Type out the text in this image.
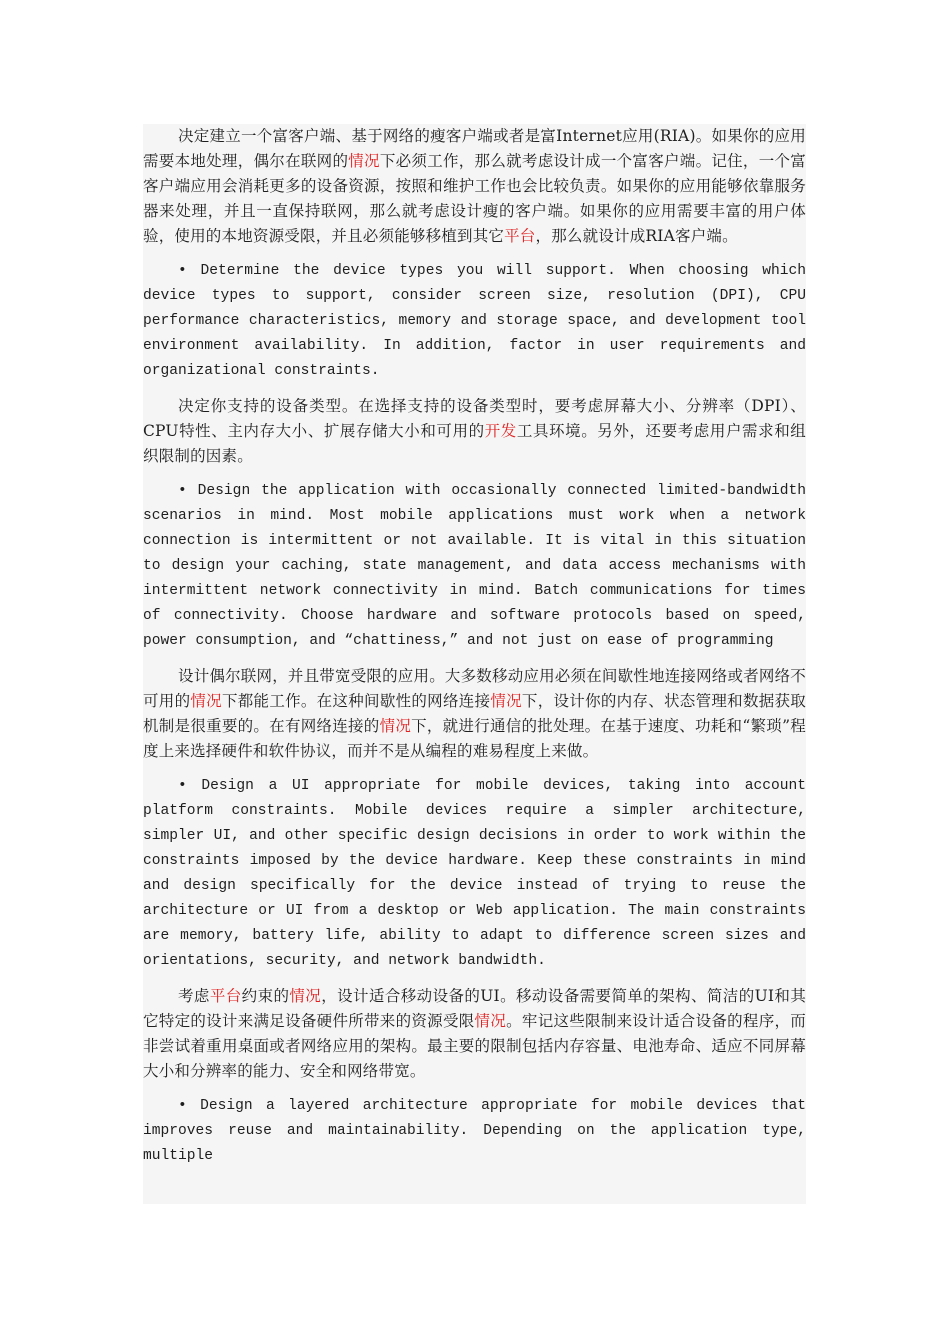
决定建立一个富客户端、基于网络的瘦客户端或者是富Internet应用(RIA)。如果你的应用需要本地处理，偶尔在联网的情况下必须工作，那么就考虑设计成一个富客户端。记住，一个富客户端应用会消耗更多的设备资源，按照和维护工作也会比较负责。如果你的应用能够依靠服务器来处理，并且一直保持联网，那么就考虑设计瘦的客户端。如果你的应用需要丰富的用户体验，使用的本地资源受限，并且必须能够移植到其它平台，那么就设计成RIA客户端。

• Determine the device types you will support. When choosing which device types to support, consider screen size, resolution (DPI), CPU performance characteristics, memory and storage space, and development tool environment availability. In addition, factor in user requirements and organizational constraints.

决定你支持的设备类型。在选择支持的设备类型时，要考虑屏幕大小、分辨率（DPI）、CPU特性、主内存大小、扩展存储大小和可用的开发工具环境。另外，还要考虑用户需求和组织限制的因素。

• Design the application with occasionally connected limited-bandwidth scenarios in mind. Most mobile applications must work when a network connection is intermittent or not available. It is vital in this situation to design your caching, state management, and data access mechanisms with intermittent network connectivity in mind. Batch communications for times of connectivity. Choose hardware and software protocols based on speed, power consumption, and “chattiness,” and not just on ease of programming

设计偶尔联网，并且带宽受限的应用。大多数移动应用必须在间歇性地连接网络或者网络不可用的情况下都能工作。在这种间歇性的网络连接情况下，设计你的内存、状态管理和数据获取机制是很重要的。在有网络连接的情况下，就进行通信的批处理。在基于速度、功耗和“繁琐”程度上来选择硬件和软件协议，而并不是从编程的难易程度上来做。

• Design a UI appropriate for mobile devices, taking into account platform constraints. Mobile devices require a simpler architecture, simpler UI, and other specific design decisions in order to work within the constraints imposed by the device hardware. Keep these constraints in mind and design specifically for the device instead of trying to reuse the architecture or UI from a desktop or Web application. The main constraints are memory, battery life, ability to adapt to difference screen sizes and orientations, security, and network bandwidth.

考虑平台约束的情况，设计适合移动设备的UI。移动设备需要简单的架构、简洁的UI和其它特定的设计来满足设备硬件所带来的资源受限情况。牢记这些限制来设计适合设备的程序，而非尝试着重用桌面或者网络应用的架构。最主要的限制包括内存容量、电池寿命、适应不同屏幕大小和分辨率的能力、安全和网络带宽。

• Design a layered architecture appropriate for mobile devices that improves reuse and maintainability. Depending on the application type, multiple
